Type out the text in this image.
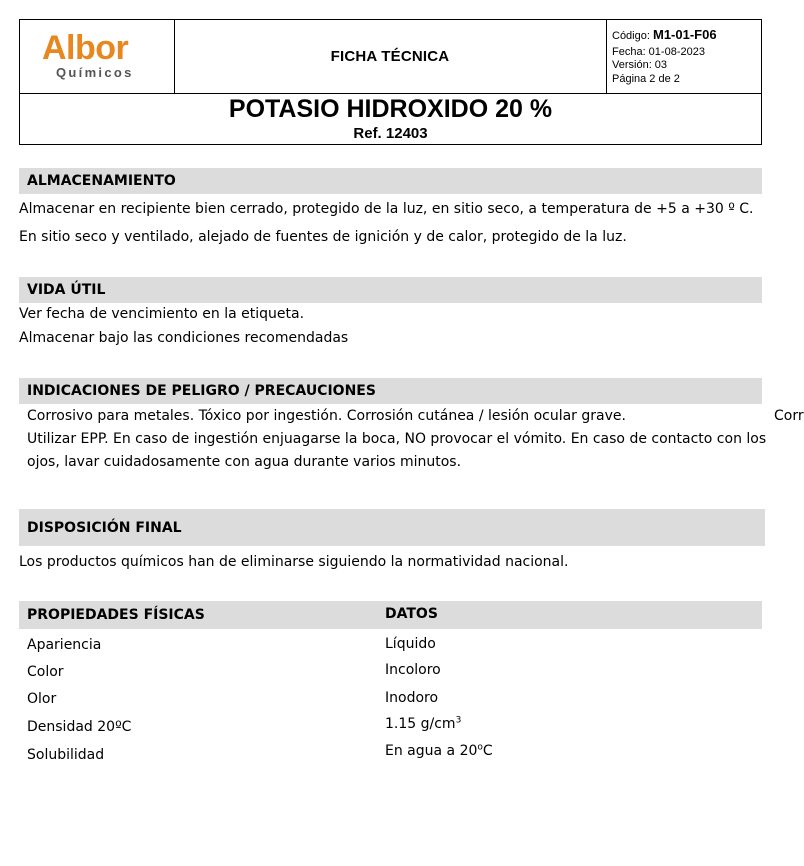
Albor
Químicos
FICHA TÉCNICA
Código: M1-01-F06
Fecha: 01-08-2023
Versión: 03
Página 2 de 2
POTASIO HIDROXIDO 20 %
Ref. 12403
ALMACENAMIENTO
Almacenar en recipiente bien cerrado, protegido de la luz, en sitio seco, a temperatura de +5 a +30 º C.
En sitio seco y ventilado, alejado de fuentes de ignición y de calor, protegido de la luz.
VIDA ÚTIL
Ver fecha de vencimiento en la etiqueta.
Almacenar bajo las condiciones recomendadas
INDICACIONES DE PELIGRO / PRECAUCIONES
Corrosivo para metales. Tóxico por ingestión. Corrosión cutánea / lesión ocular grave.	Corr
Utilizar EPP. En caso de ingestión enjuagarse la boca, NO provocar el vómito. En caso de contacto con los
ojos, lavar cuidadosamente con agua durante varios minutos.
DISPOSICIÓN FINAL
Los productos químicos han de eliminarse siguiendo la normatividad nacional.
PROPIEDADES FÍSICAS	DATOS
Apariencia	Líquido
Color	Incoloro
Olor	Inodoro
Densidad 20ºC	1.15 $g/cm^3$
Solubilidad	En agua a 20$^o$C
